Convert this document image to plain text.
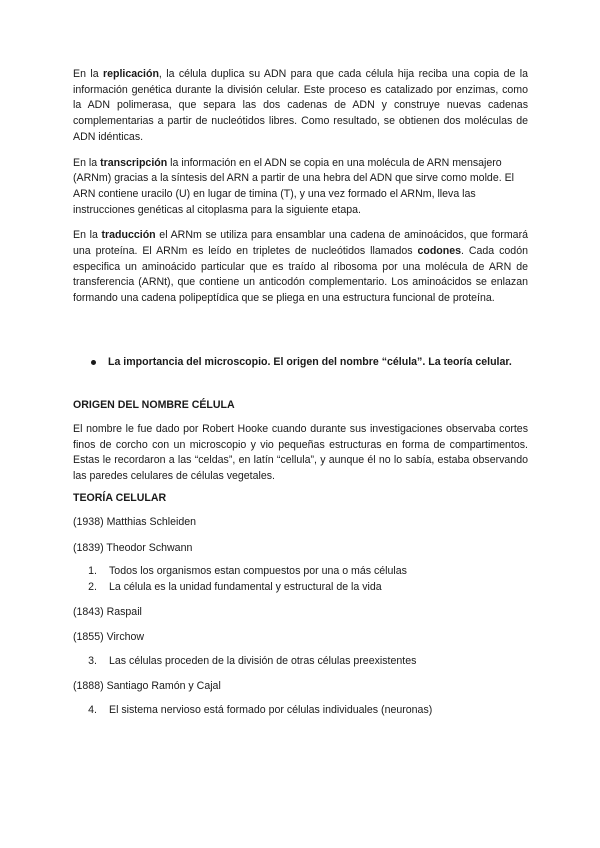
En la replicación, la célula duplica su ADN para que cada célula hija reciba una copia de la información genética durante la división celular. Este proceso es catalizado por enzimas, como la ADN polimerasa, que separa las dos cadenas de ADN y construye nuevas cadenas complementarias a partir de nucleótidos libres. Como resultado, se obtienen dos moléculas de ADN idénticas.

En la transcripción la información en el ADN se copia en una molécula de ARN mensajero (ARNm) gracias a la síntesis del ARN a partir de una hebra del ADN que sirve como molde. El ARN contiene uracilo (U) en lugar de timina (T), y una vez formado el ARNm, lleva las instrucciones genéticas al citoplasma para la siguiente etapa.

En la traducción el ARNm se utiliza para ensamblar una cadena de aminoácidos, que formará una proteína. El ARNm es leído en tripletes de nucleótidos llamados codones. Cada codón especifica un aminoácido particular que es traído al ribosoma por una molécula de ARN de transferencia (ARNt), que contiene un anticodón complementario. Los aminoácidos se enlazan formando una cadena polipeptídica que se pliega en una estructura funcional de proteína.

La importancia del microscopio. El origen del nombre “célula”. La teoría celular.
ORIGEN DEL NOMBRE CÉLULA

El nombre le fue dado por Robert Hooke cuando durante sus investigaciones observaba cortes finos de corcho con un microscopio y vio pequeñas estructuras en forma de compartimentos. Estas le recordaron a las “celdas”, en latín “cellula”, y aunque él no lo sabía, estaba observando las paredes celulares de células vegetales.

TEORÍA CELULAR
(1938) Matthias Schleiden
(1839) Theodor Schwann
1. Todos los organismos estan compuestos por una o más células
2. La célula es la unidad fundamental y estructural de la vida
(1843) Raspail
(1855) Virchow
3. Las células proceden de la división de otras células preexistentes
(1888) Santiago Ramón y Cajal
4. El sistema nervioso está formado por células individuales (neuronas)
